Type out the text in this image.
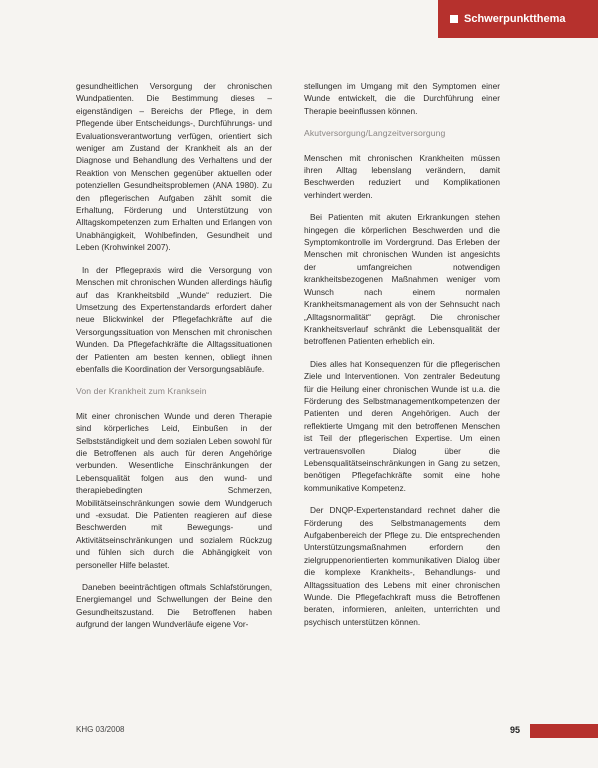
Schwerpunktthema

gesundheitlichen Versorgung der chronischen Wundpatienten. Die Bestimmung dieses – eigenständigen – Bereichs der Pflege, in dem Pflegende über Entscheidungs-, Durchführungs- und Evaluationsverantwortung verfügen, orientiert sich weniger am Zustand der Krankheit als an der Diagnose und Behandlung des Verhaltens und der Reaktion von Menschen gegenüber aktuellen oder potenziellen Gesundheitsproblemen (ANA 1980). Zu den pflegerischen Aufgaben zählt somit die Erhaltung, Förderung und Unterstützung von Alltagskompetenzen zum Erhalten und Erlangen von Unabhängigkeit, Wohlbefinden, Gesundheit und Leben (Krohwinkel 2007).

In der Pflegepraxis wird die Versorgung von Menschen mit chronischen Wunden allerdings häufig auf das Krankheitsbild „Wunde“ reduziert. Die Umsetzung des Expertenstandards erfordert daher neue Blickwinkel der Pflegefachkräfte auf die Versorgungssituation von Menschen mit chronischen Wunden. Da Pflegefachkräfte die Alltagssituationen der Patienten am besten kennen, obliegt ihnen ebenfalls die Koordination der Versorgungsabläufe.

Von der Krankheit zum Kranksein

Mit einer chronischen Wunde und deren Therapie sind körperliches Leid, Einbußen in der Selbstständigkeit und dem sozialen Leben sowohl für die Betroffenen als auch für deren Angehörige verbunden. Wesentliche Einschränkungen der Lebensqualität folgen aus den wund- und therapiebedingten Schmerzen, Mobilitätseinschränkungen sowie dem Wundgeruch und -exsudat. Die Patienten reagieren auf diese Beschwerden mit Bewegungs- und Aktivitätseinschränkungen und sozialem Rückzug und fühlen sich durch die Abhängigkeit von personeller Hilfe belastet.

Daneben beeinträchtigen oftmals Schlafstörungen, Energiemangel und Schwellungen der Beine den Gesundheitszustand. Die Betroffenen haben aufgrund der langen Wundverläufe eigene Vor-

stellungen im Umgang mit den Symptomen einer Wunde entwickelt, die die Durchführung einer Therapie beeinflussen können.

Akutversorgung/Langzeitversorgung

Menschen mit chronischen Krankheiten müssen ihren Alltag lebenslang verändern, damit Beschwerden reduziert und Komplikationen verhindert werden.

Bei Patienten mit akuten Erkrankungen stehen hingegen die körperlichen Beschwerden und die Symptomkontrolle im Vordergrund. Das Erleben der Menschen mit chronischen Wunden ist angesichts der umfangreichen notwendigen krankheitsbezogenen Maßnahmen weniger vom Wunsch nach einem normalen Krankheitsmanagement als von der Sehnsucht nach „Alltagsnormalität“ geprägt. Die chronischer Krankheitsverlauf schränkt die Lebensqualität der betroffenen Patienten erheblich ein.

Dies alles hat Konsequenzen für die pflegerischen Ziele und Interventionen. Von zentraler Bedeutung für die Heilung einer chronischen Wunde ist u.a. die Förderung des Selbstmanagementkompetenzen der Patienten und deren Angehörigen. Auch der reflektierte Umgang mit den betroffenen Menschen ist Teil der pflegerischen Expertise. Um einen vertrauensvollen Dialog über die Lebensqualitätseinschränkungen in Gang zu setzen, benötigen Pflegefachkräfte somit eine hohe kommunikative Kompetenz.

Der DNQP-Expertenstandard rechnet daher die Förderung des Selbstmanagements dem Aufgabenbereich der Pflege zu. Die entsprechenden Unterstützungsmaßnahmen erfordern den zielgruppenorientierten kommunikativen Dialog über die komplexe Krankheits-, Behandlungs- und Alltagssituation des Lebens mit einer chronischen Wunde. Die Pflegefachkraft muss die Betroffenen beraten, informieren, anleiten, unterrichten und psychisch unterstützen können.

KHG 03/2008	95
